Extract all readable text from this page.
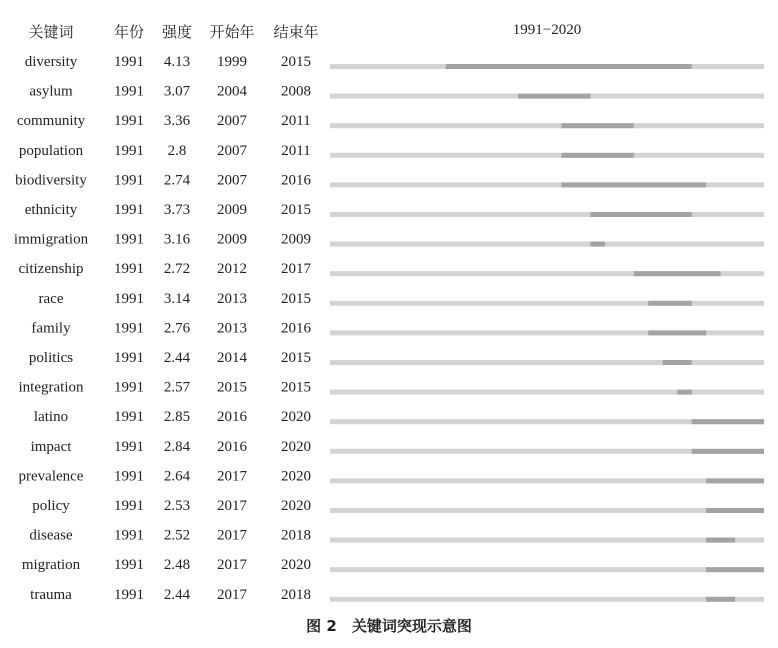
关键词	年份 强度 开始年 结束年	1991−2020
diversity 1991 4.13 1999 2015
asylum	1991 3.07 2004 2008
community 1991 3.36 2007 2011
population 1991 2.8 2007 2011
biodiversity 1991 2.74 2007 2016
ethnicity 1991 3.73 2009 2015
immigration 1991 3.16 2009 2009
citizenship 1991 2.72 2012 2017
race	1991 3.14 2013 2015
family	1991 2.76 2013 2016
politics	1991 2.44 2014 2015
integration 1991 2.57 2015 2015
latino	1991 2.85 2016 2020
impact	1991 2.84 2016 2020
prevalence 1991 2.64 2017 2020
policy	1991 2.53 2017 2020
disease	1991 2.52 2017 2018
migration 1991 2.48 2017 2020
trauma	1991 2.44 2017 2018
图 2　关键词突现示意图
